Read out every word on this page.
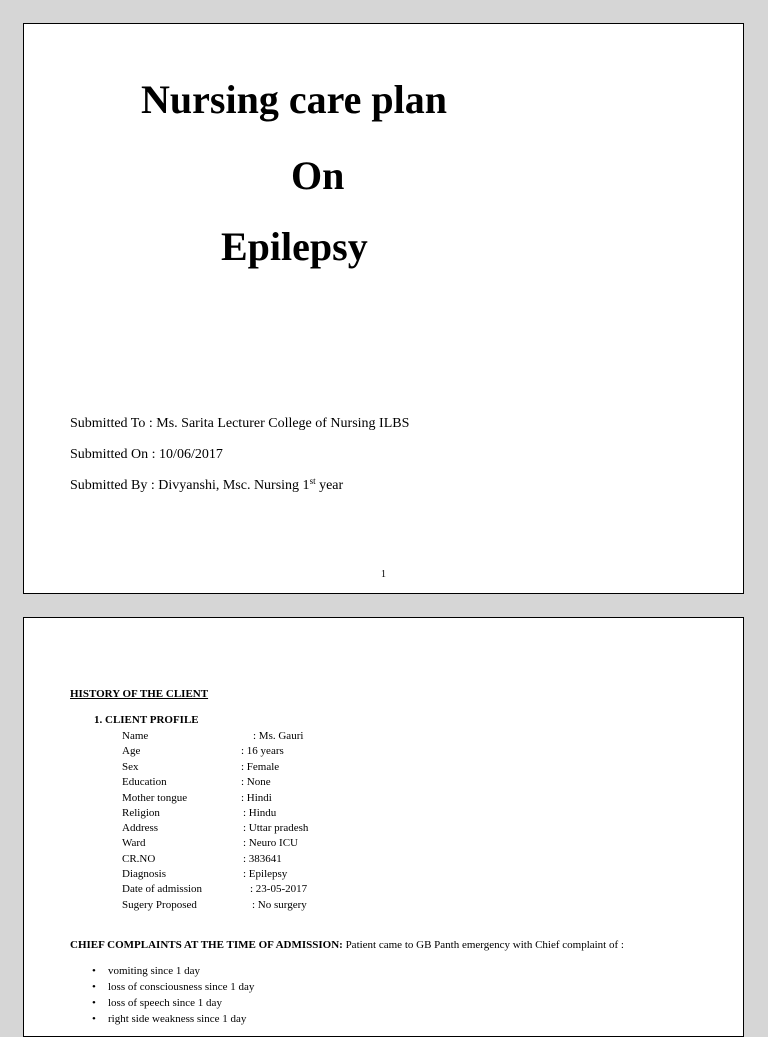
Nursing care plan
On
Epilepsy
Submitted To : Ms. Sarita Lecturer College of Nursing ILBS
Submitted On : 10/06/2017
Submitted By : Divyanshi, Msc. Nursing 1st year
1
HISTORY OF THE CLIENT
1. CLIENT PROFILE
Name	: Ms. Gauri
Age	: 16 years
Sex	: Female
Education	: None
Mother tongue	: Hindi
Religion	: Hindu
Address	: Uttar pradesh
Ward	: Neuro ICU
CR.NO	: 383641
Diagnosis	: Epilepsy
Date of admission	: 23-05-2017
Sugery Proposed	: No surgery
CHIEF COMPLAINTS AT THE TIME OF ADMISSION: Patient came to GB Panth emergency with Chief complaint of :
• vomiting since 1 day
• loss of consciousness since 1 day
• loss of speech since 1 day
• right side weakness since 1 day
